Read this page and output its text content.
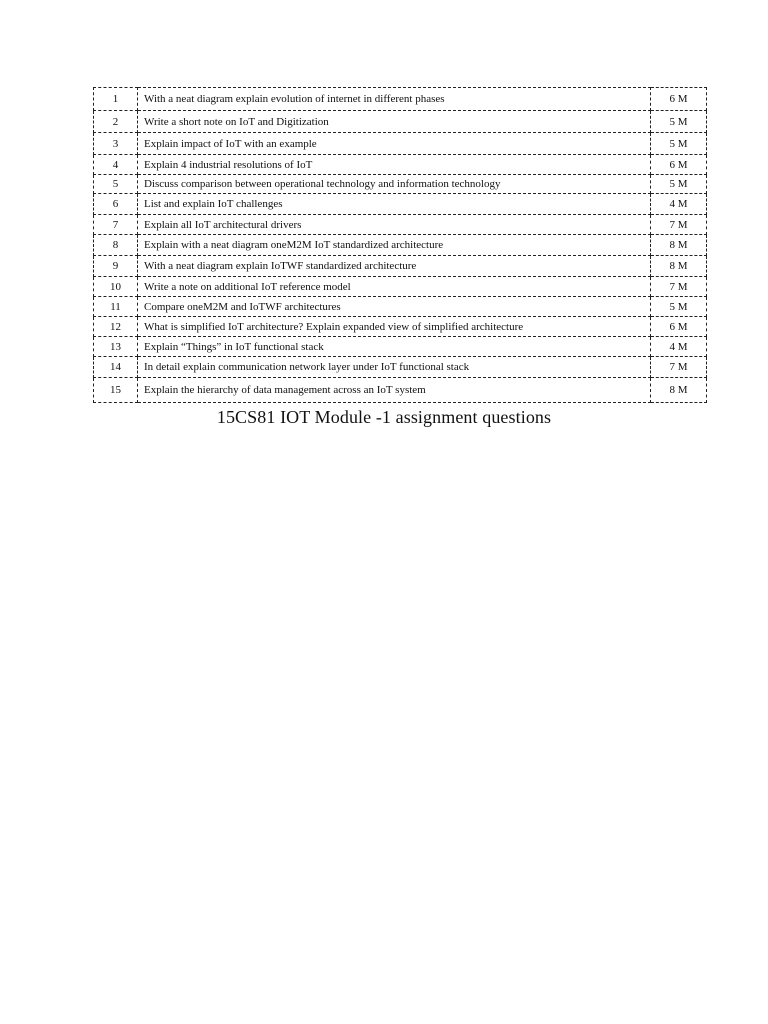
1	With a neat diagram explain evolution of internet in different phases	6 M
2	Write a short note on IoT and Digitization	5 M
3	Explain impact of IoT with an example	5 M
4	Explain 4 industrial resolutions of IoT	6 M
5	Discuss comparison between operational technology and information technology	5 M
6	List and explain IoT challenges	4 M
7	Explain all IoT architectural drivers	7 M
8	Explain with a neat diagram oneM2M IoT standardized architecture	8 M
9	With a neat diagram explain IoTWF standardized architecture	8 M
10	Write a note on additional IoT reference model	7 M
11	Compare oneM2M and IoTWF architectures	5 M
12	What is simplified IoT architecture? Explain expanded view of simplified architecture	6 M
13	Explain “Things” in IoT functional stack	4 M
14	In detail explain communication network layer under IoT functional stack	7 M
15	Explain the hierarchy of data management across an IoT system	8 M
15CS81 IOT Module -1 assignment questions
